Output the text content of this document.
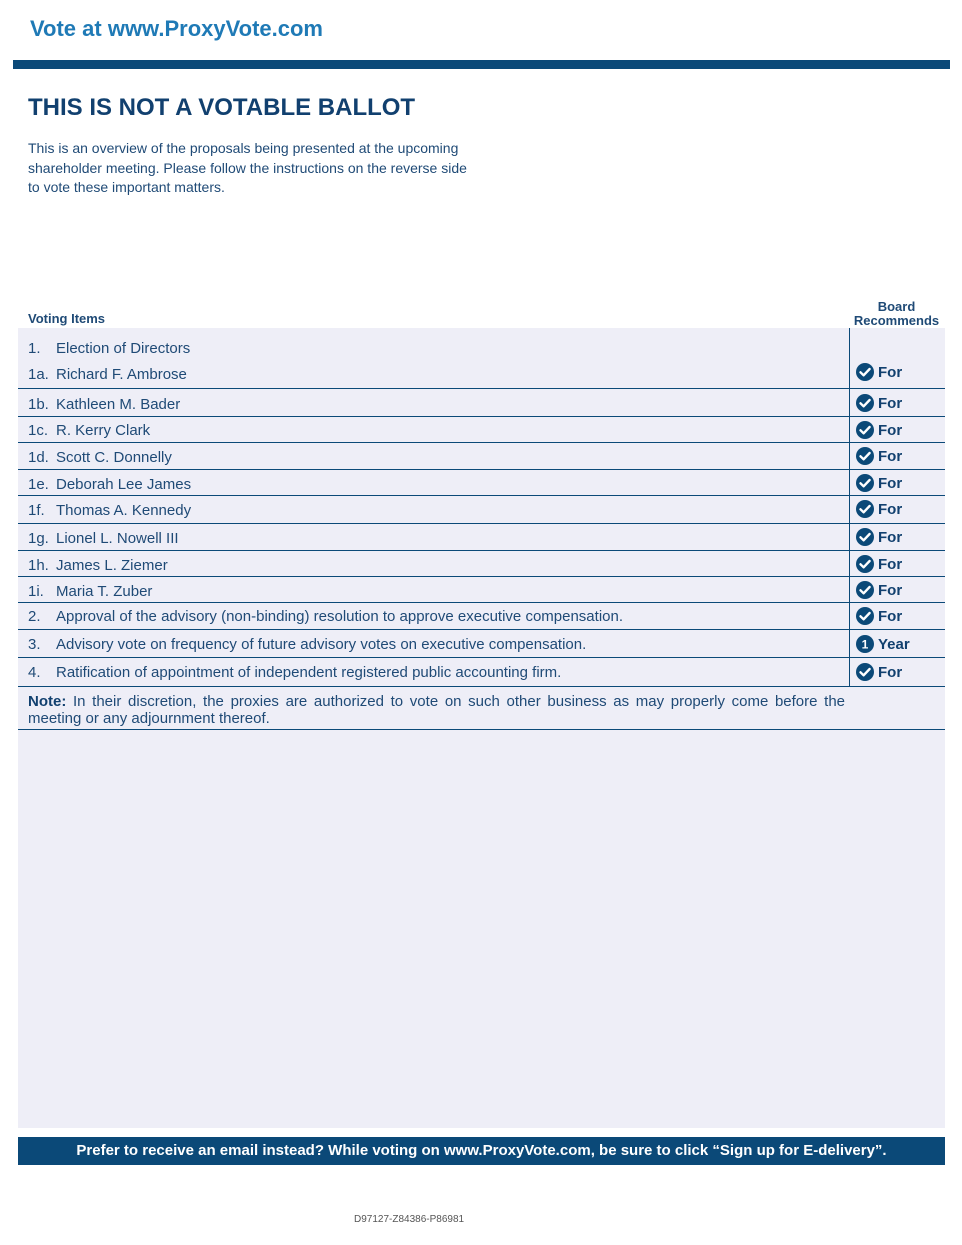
Vote at www.ProxyVote.com
THIS IS NOT A VOTABLE BALLOT
This is an overview of the proposals being presented at the upcoming shareholder meeting. Please follow the instructions on the reverse side to vote these important matters.
Voting Items
Board Recommends
1. Election of Directors
1a. Richard F. Ambrose	For
1b. Kathleen M. Bader	For
1c. R. Kerry Clark	For
1d. Scott C. Donnelly	For
1e. Deborah Lee James	For
1f. Thomas A. Kennedy	For
1g. Lionel L. Nowell III	For
1h. James L. Ziemer	For
1i. Maria T. Zuber	For
2. Approval of the advisory (non-binding) resolution to approve executive compensation.	For
3. Advisory vote on frequency of future advisory votes on executive compensation.	1 Year
4. Ratification of appointment of independent registered public accounting firm.	For
Note: In their discretion, the proxies are authorized to vote on such other business as may properly come before the meeting or any adjournment thereof.
Prefer to receive an email instead? While voting on www.ProxyVote.com, be sure to click “Sign up for E-delivery”.
D97127-Z84386-P86981
